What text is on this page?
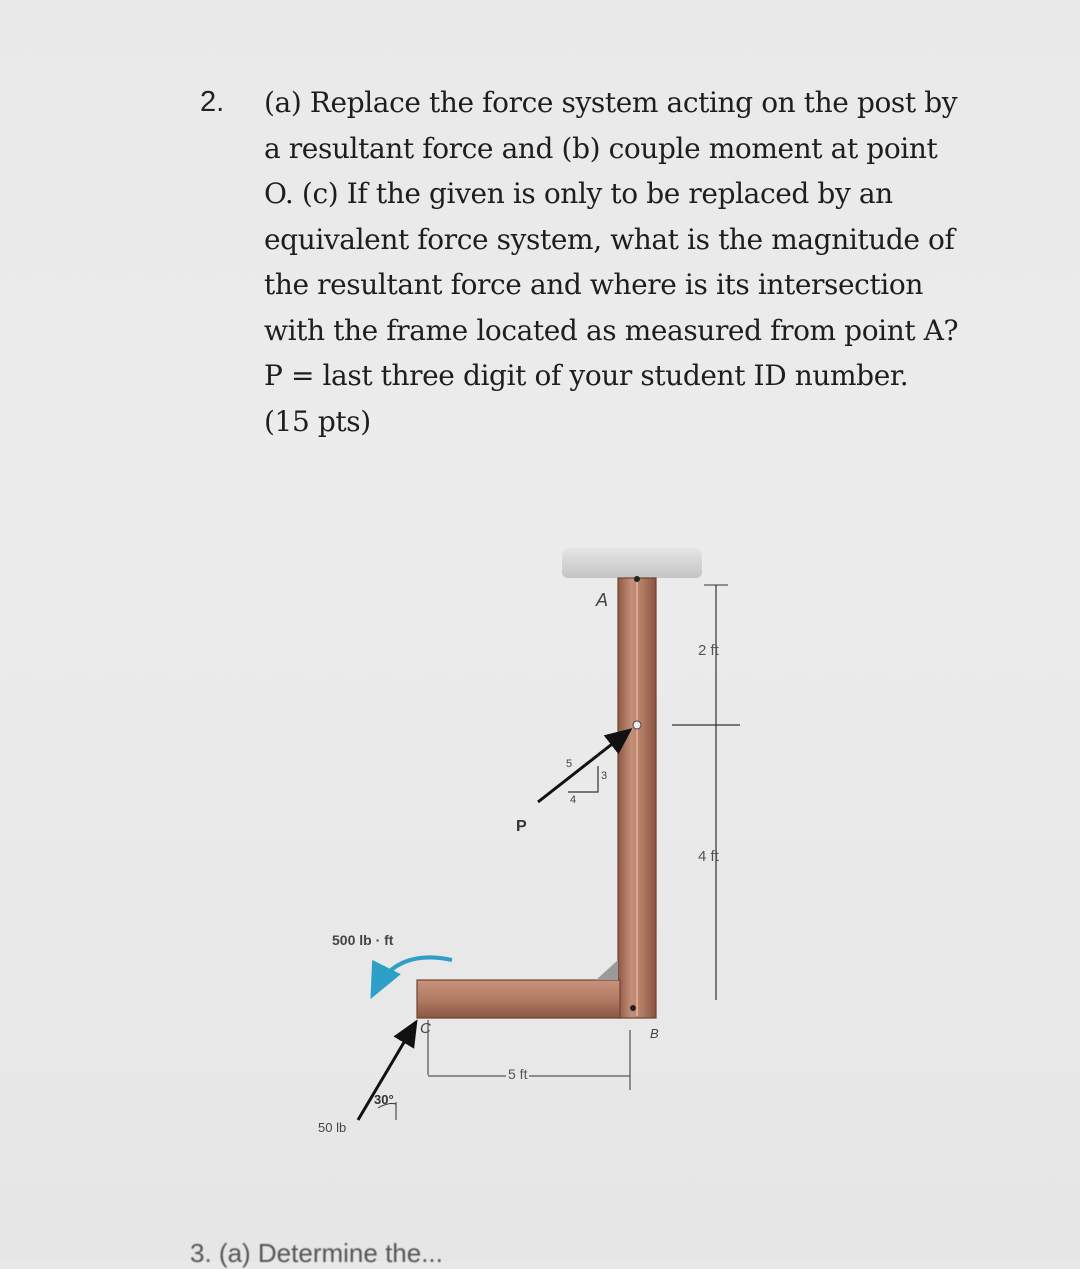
2. (a) Replace the force system acting on the post by
a resultant force and (b) couple moment at point
O. (c) If the given is only to be replaced by an
equivalent force system, what is the magnitude of
the resultant force and where is its intersection
with the frame located as measured from point A?
P = last three digit of your student ID number.
(15 pts)
A
2 ft
4
3
5
P
4 ft
500 lb · ft
C	B
5 ft
30°
50 lb
3. (a) Determine the...
